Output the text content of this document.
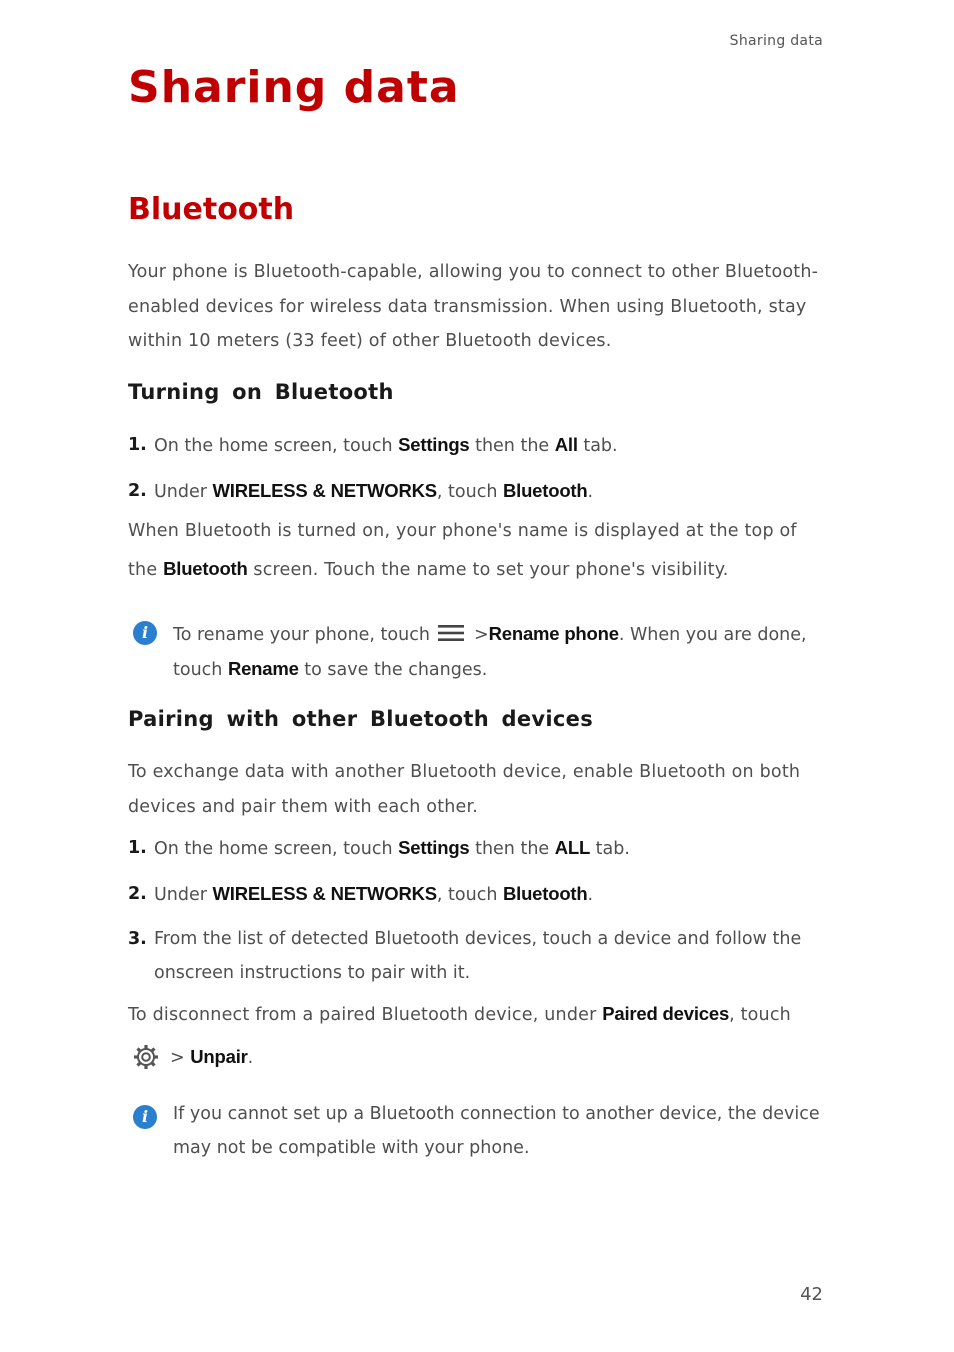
Sharing data
Sharing data
Bluetooth

Your phone is Bluetooth-capable, allowing you to connect to other Bluetooth-enabled devices for wireless data transmission. When using Bluetooth, stay within 10 meters (33 feet) of other Bluetooth devices.

Turning on Bluetooth
1. On the home screen, touch Settings then the All tab.
2. Under WIRELESS & NETWORKS, touch Bluetooth.

When Bluetooth is turned on, your phone's name is displayed at the top of the Bluetooth screen. Touch the name to set your phone's visibility.

i	To rename your phone, touch	>Rename phone. When you are done, touch Rename to save the changes.
Pairing with other Bluetooth devices

To exchange data with another Bluetooth device, enable Bluetooth on both devices and pair them with each other.

1. On the home screen, touch Settings then the ALL tab.
2. Under WIRELESS & NETWORKS, touch Bluetooth.
3. From the list of detected Bluetooth devices, touch a device and follow the onscreen instructions to pair with it.
To disconnect from a paired Bluetooth device, under Paired devices, touch
> Unpair.
i	If you cannot set up a Bluetooth connection to another device, the device may not be compatible with your phone.
42
